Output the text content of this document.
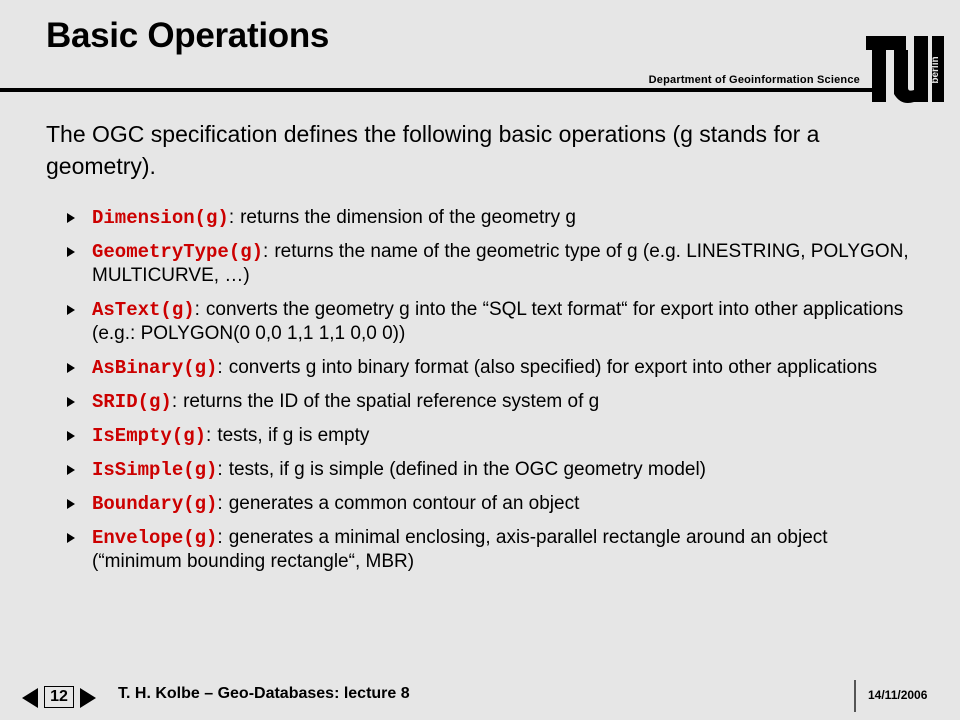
Basic Operations
Department of Geoinformation Science	berlin
The OGC specification defines the following basic operations (g stands for a geometry).
Dimension(g): returns the dimension of the geometry g
GeometryType(g): returns the name of the geometric type of g (e.g. LINESTRING, POLYGON, MULTICURVE, …)
AsText(g): converts the geometry g into the “SQL text format“ for export into other applications (e.g.: POLYGON(0 0,0 1,1 1,1 0,0 0))
AsBinary(g): converts g into binary format (also specified) for export into other applications
SRID(g): returns the ID of the spatial reference system of g
IsEmpty(g): tests, if g is empty
IsSimple(g): tests, if g is simple (defined in the OGC geometry model)
Boundary(g): generates a common contour of an object
Envelope(g): generates a minimal enclosing, axis-parallel rectangle around an object (“minimum bounding rectangle“, MBR)
12	T. H. Kolbe – Geo-Databases: lecture 8	14/11/2006
